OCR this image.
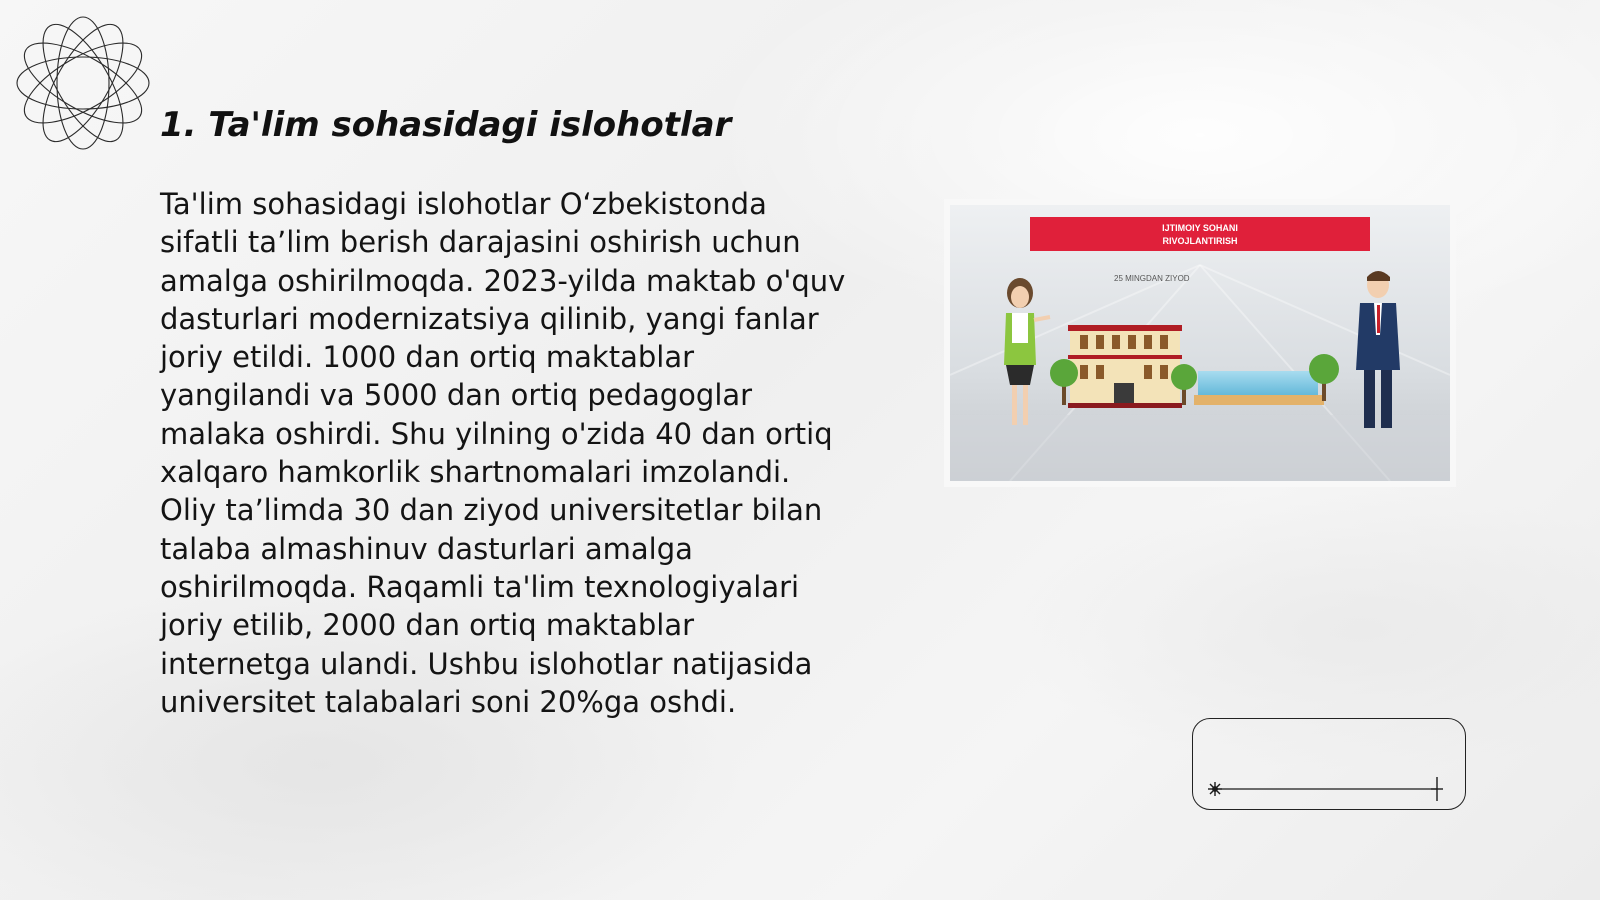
1. Ta'lim sohasidagi islohotlar

Ta'lim sohasidagi islohotlar O‘zbekistonda sifatli ta’lim berish darajasini oshirish uchun amalga oshirilmoqda. 2023-yilda maktab o'quv dasturlari modernizatsiya qilinib, yangi fanlar joriy etildi. 1000 dan ortiq maktablar yangilandi va 5000 dan ortiq pedagoglar malaka oshirdi. Shu yilning o'zida 40 dan ortiq xalqaro hamkorlik shartnomalari imzolandi. Oliy ta’limda 30 dan ziyod universitetlar bilan talaba almashinuv dasturlari amalga oshirilmoqda. Raqamli ta'lim texnologiyalari joriy etilib, 2000 dan ortiq maktablar internetga ulandi. Ushbu islohotlar natijasida universitet talabalari soni 20%ga oshdi.

IJTIMOIY SOHANI
RIVOJLANTIRISH
25 MINGDAN ZIYOD
